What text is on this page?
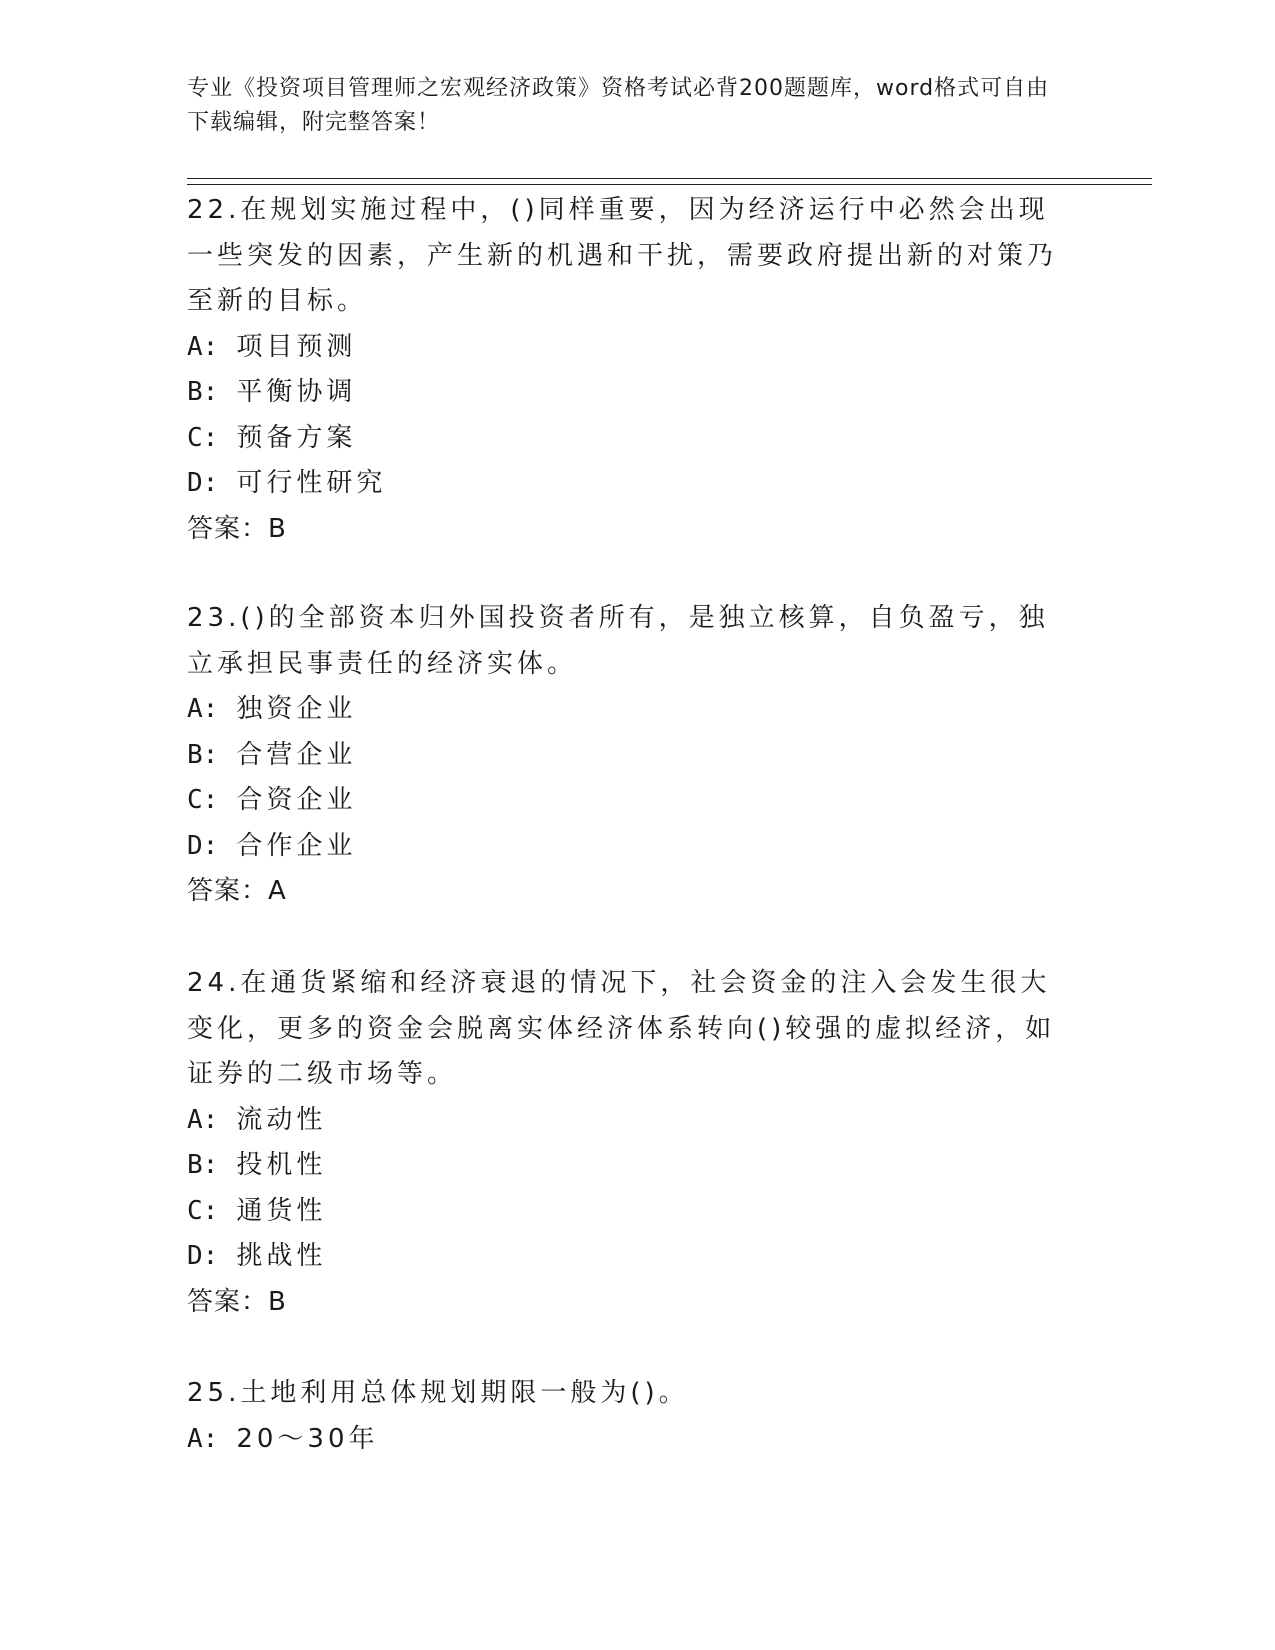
专业《投资项目管理师之宏观经济政策》资格考试必背200题题库，word格式可自由下载编辑，附完整答案！

22.在规划实施过程中，()同样重要，因为经济运行中必然会出现一些突发的因素，产生新的机遇和干扰，需要政府提出新的对策乃至新的目标。

A: 项目预测

B: 平衡协调

C: 预备方案

D: 可行性研究

答案：B

23.()的全部资本归外国投资者所有，是独立核算，自负盈亏，独立承担民事责任的经济实体。

A: 独资企业

B: 合营企业

C: 合资企业

D: 合作企业

答案：A

24.在通货紧缩和经济衰退的情况下，社会资金的注入会发生很大变化，更多的资金会脱离实体经济体系转向()较强的虚拟经济，如证券的二级市场等。

A: 流动性

B: 投机性

C: 通货性

D: 挑战性

答案：B

25.土地利用总体规划期限一般为()。

A: 20～30年
